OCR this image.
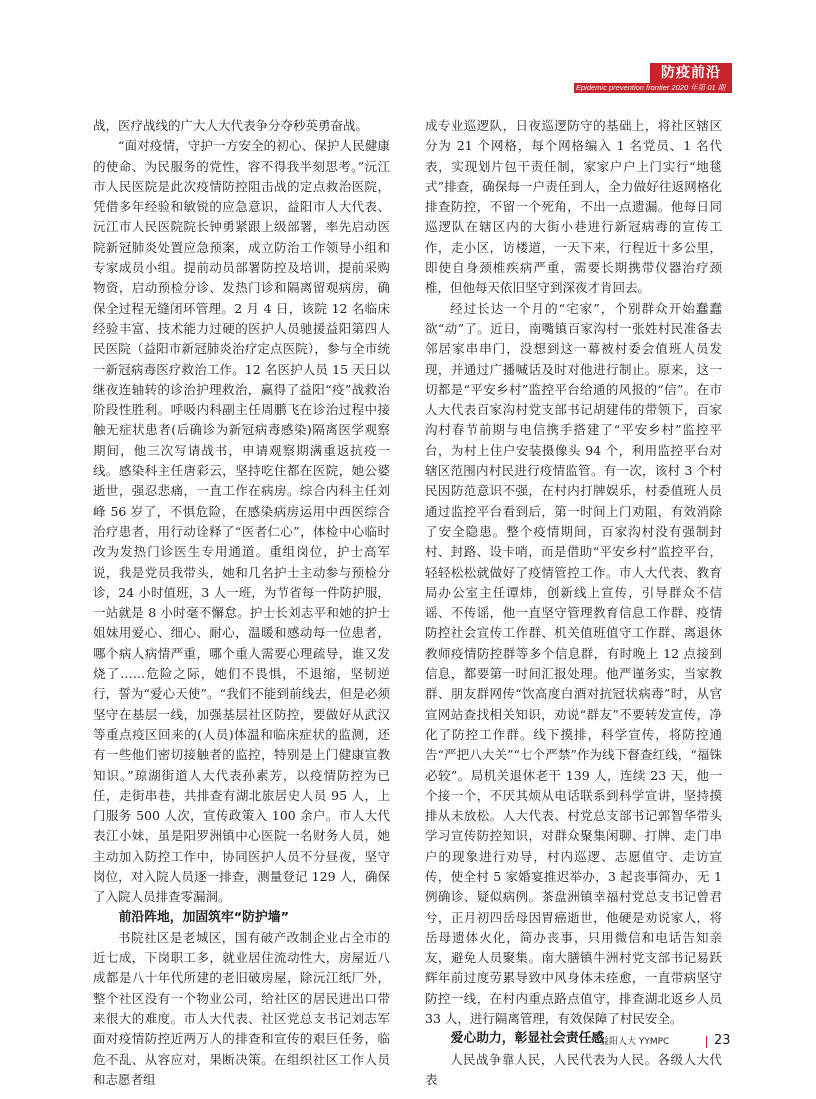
防疫前沿
Epidemic prevention frontier 2020 年第 01 期

战，医疗战线的广大人大代表争分夺秒英勇奋战。

“面对疫情，守护一方安全的初心、保护人民健康的使命、为民服务的党性，容不得我半刻思考。”沅江市人民医院是此次疫情防控阻击战的定点救治医院，凭借多年经验和敏锐的应急意识，益阳市人大代表、沅江市人民医院院长钟勇紧跟上级部署，率先启动医院新冠肺炎处置应急预案，成立防治工作领导小组和专家成员小组。提前动员部署防控及培训，提前采购物资，启动预检分诊、发热门诊和隔离留观病房，确保全过程无缝闭环管理。2 月 4 日，该院 12 名临床经验丰富、技术能力过硬的医护人员驰援益阳第四人民医院（益阳市新冠肺炎治疗定点医院），参与全市统一新冠病毒医疗救治工作。12 名医护人员 15 天日以继夜连轴转的诊治护理救治，赢得了益阳“疫”战救治阶段性胜利。呼吸内科副主任周鹏飞在诊治过程中接触无症状患者(后确诊为新冠病毒感染)隔离医学观察期间，他三次写请战书，申请观察期满重返抗疫一线。感染科主任唐彩云，坚持吃住都在医院，她公婆逝世，强忍悲痛，一直工作在病房。综合内科主任刘峰 56 岁了，不惧危险，在感染病房运用中西医综合治疗患者，用行动诠释了“医者仁心”，体检中心临时改为发热门诊医生专用通道。重组岗位，护士高军说，我是党员我带头，她和几名护士主动参与预检分诊，24 小时值班，3 人一班，为节省每一件防护服，一站就是 8 小时毫不懈怠。护士长刘志平和她的护士姐妹用爱心、细心、耐心，温暖和感动每一位患者，哪个病人病情严重，哪个重人需要心理疏导，谁又发烧了……危险之际，她们不畏惧，不退缩，坚韧逆行，誓为“爱心天使”。“我们不能到前线去，但是必须坚守在基层一线，加强基层社区防控，要做好从武汉等重点疫区回来的(人员)体温和临床症状的监测，还有一些他们密切接触者的监控，特别是上门健康宣教知识。”琼湖街道人大代表孙素芳，以疫情防控为已任，走街串巷，共排查有湖北旅居史人员 95 人，上门服务 500 人次，宣传政策入 100 余户。市人大代表江小妹，虽是阳罗洲镇中心医院一名财务人员，她主动加入防控工作中，协同医护人员不分昼夜，坚守岗位，对入院人员逐一排查，测量登记 129 人，确保了入院人员排查零漏洞。

前沿阵地，加固筑牢“防护墙”

书院社区是老城区，国有破产改制企业占全市的近七成，下岗职工多，就业居住流动性大，房屋近八成都是八十年代所建的老旧破房屋，除沅江纸厂外，整个社区没有一个物业公司，给社区的居民进出口带来很大的难度。市人大代表、社区党总支书记刘志军面对疫情防控近两万人的排查和宣传的艰巨任务，临危不乱、从容应对，果断决策。在组织社区工作人员和志愿者组

成专业巡逻队，日夜巡逻防守的基础上，将社区辖区分为 21 个网格，每个网格编入 1 名党员、1 名代表，实现划片包干责任制，家家户户上门实行“地毯式”排查，确保每一户责任到人，全力做好往返网格化排查防控，不留一个死角，不出一点遗漏。他每日同巡逻队在辖区内的大街小巷进行新冠病毒的宣传工作，走小区，访楼道，一天下来，行程近十多公里，即使自身颈椎疾病严重，需要长期携带仪器治疗颈椎，但他每天依旧坚守到深夜才肯回去。

经过长达一个月的“宅家”，个别群众开始蠢蠢欲“动”了。近日，南嘴镇百家沟村一张姓村民准备去邻居家串串门，没想到这一幕被村委会值班人员发现，并通过广播喊话及时对他进行制止。原来，这一切都是“平安乡村”监控平台给通的风报的“信”。在市人大代表百家沟村党支部书记胡建伟的带领下，百家沟村春节前期与电信携手搭建了“平安乡村”监控平台，为村上住户安装摄像头 94 个，利用监控平台对辖区范围内村民进行疫情监管。有一次，该村 3 个村民因防范意识不强，在村内打牌娱乐，村委值班人员通过监控平台看到后，第一时间上门劝阻，有效消除了安全隐患。整个疫情期间，百家沟村没有强制封村、封路、设卡哨，而是借助“平安乡村”监控平台，轻轻松松就做好了疫情管控工作。市人大代表、教育局办公室主任谭炜，创新线上宣传，引导群众不信谣、不传谣，他一直坚守管理教育信息工作群、疫情防控社会宣传工作群、机关值班值守工作群、离退休教师疫情防控群等多个信息群，有时晚上 12 点接到信息，都要第一时间汇报处理。他严谨务实，当家教群、朋友群网传“饮高度白酒对抗冠状病毒”时，从官宣网站查找相关知识，劝说“群友”不要转发宣传，净化了防控工作群。线下摸排，科学宣传，将防控通告“严把八大关”“七个严禁”作为线下督查红线，“福铢必较”。局机关退休老干 139 人，连续 23 天，他一个接一个，不厌其烦从电话联系到科学宣讲，坚持摸排从未放松。人大代表、村党总支部书记郭智华带头学习宣传防控知识，对群众聚集闲聊、打牌、走门串户的现象进行劝导，村内巡逻、志愿值守、走访宣传，使全村 5 家婚宴推迟举办，3 起丧事简办，无 1 例确诊、疑似病例。茶盘洲镇幸福村党总支书记曾君兮，正月初四岳母因胃癌逝世，他硬是劝说家人，将岳母遗体火化，简办丧事，只用微信和电话告知亲友，避免人员聚集。南大膳镇牛洲村党支部书记易跃辉年前过度劳累导致中风身体未痊愈，一直带病坚守防控一线，在村内重点路点值守，排查湖北返乡人员 33 人，进行隔离管理，有效保障了村民安全。

爱心助力，彰显社会责任感

人民战争靠人民，人民代表为人民。各级人大代表

益阳人大 YYMPC	23
